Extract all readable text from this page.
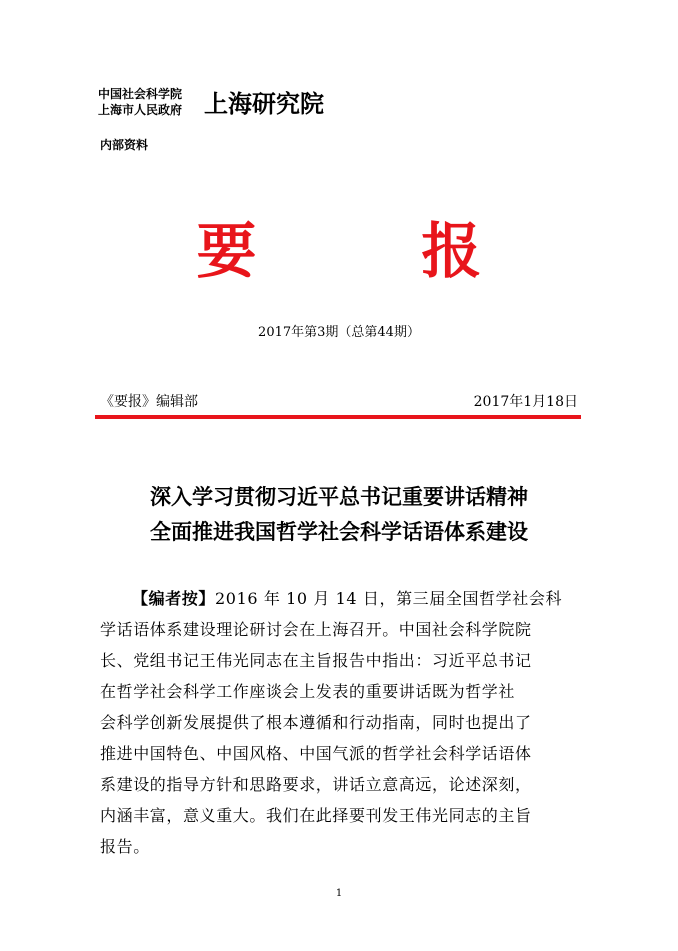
中国社会科学院
上海市人民政府 上海研究院
内部资料
要 报
2017年第3期（总第44期）
《要报》编辑部	2017年1月18日
深入学习贯彻习近平总书记重要讲话精神
全面推进我国哲学社会科学话语体系建设
【编者按】2016 年 10 月 14 日，第三届全国哲学社会科
学话语体系建设理论研讨会在上海召开。中国社会科学院院
长、党组书记王伟光同志在主旨报告中指出：习近平总书记
在哲学社会科学工作座谈会上发表的重要讲话既为哲学社
会科学创新发展提供了根本遵循和行动指南，同时也提出了
推进中国特色、中国风格、中国气派的哲学社会科学话语体
系建设的指导方针和思路要求，讲话立意高远，论述深刻，
内涵丰富，意义重大。我们在此择要刊发王伟光同志的主旨
报告。
1
